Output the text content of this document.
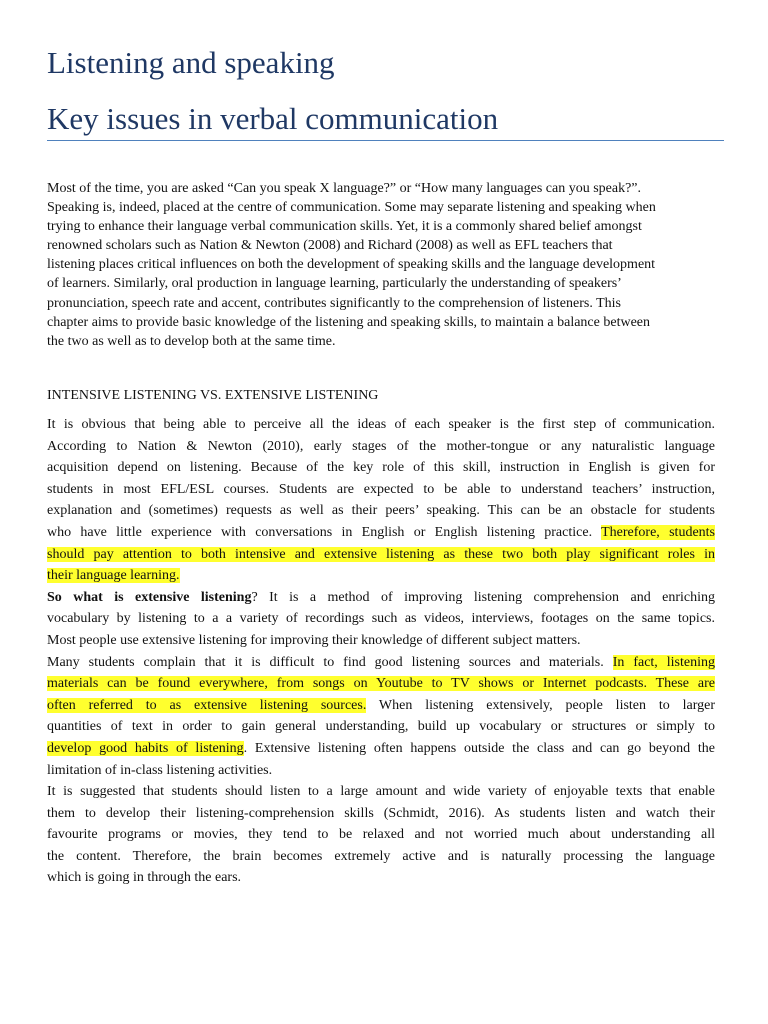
Listening and speaking
Key issues in verbal communication

Most of the time, you are asked “Can you speak X language?” or “How many languages can you speak?”.
Speaking is, indeed, placed at the centre of communication. Some may separate listening and speaking when
trying to enhance their language verbal communication skills. Yet, it is a commonly shared belief amongst
renowned scholars such as Nation & Newton (2008) and Richard (2008) as well as EFL teachers that
listening places critical influences on both the development of speaking skills and the language development
of learners. Similarly, oral production in language learning, particularly the understanding of speakers’
pronunciation, speech rate and accent, contributes significantly to the comprehension of listeners. This
chapter aims to provide basic knowledge of the listening and speaking skills, to maintain a balance between
the two as well as to develop both at the same time.

INTENSIVE LISTENING VS. EXTENSIVE LISTENING

It is obvious that being able to perceive all the ideas of each speaker is the first step of communication.
According to Nation & Newton (2010), early stages of the mother-tongue or any naturalistic language
acquisition depend on listening. Because of the key role of this skill, instruction in English is given for
students in most EFL/ESL courses. Students are expected to be able to understand teachers’ instruction,
explanation and (sometimes) requests as well as their peers’ speaking. This can be an obstacle for students
who have little experience with conversations in English or English listening practice. Therefore, students
should pay attention to both intensive and extensive listening as these two both play significant roles in
their language learning.
So what is extensive listening? It is a method of improving listening comprehension and enriching
vocabulary by listening to a a variety of recordings such as videos, interviews, footages on the same topics.
Most people use extensive listening for improving their knowledge of different subject matters.
Many students complain that it is difficult to find good listening sources and materials. In fact, listening
materials can be found everywhere, from songs on Youtube to TV shows or Internet podcasts. These are
often referred to as extensive listening sources. When listening extensively, people listen to larger
quantities of text in order to gain general understanding, build up vocabulary or structures or simply to
develop good habits of listening. Extensive listening often happens outside the class and can go beyond the
limitation of in-class listening activities.
It is suggested that students should listen to a large amount and wide variety of enjoyable texts that enable
them to develop their listening-comprehension skills (Schmidt, 2016). As students listen and watch their
favourite programs or movies, they tend to be relaxed and not worried much about understanding all
the content. Therefore, the brain becomes extremely active and is naturally processing the language
which is going in through the ears.
